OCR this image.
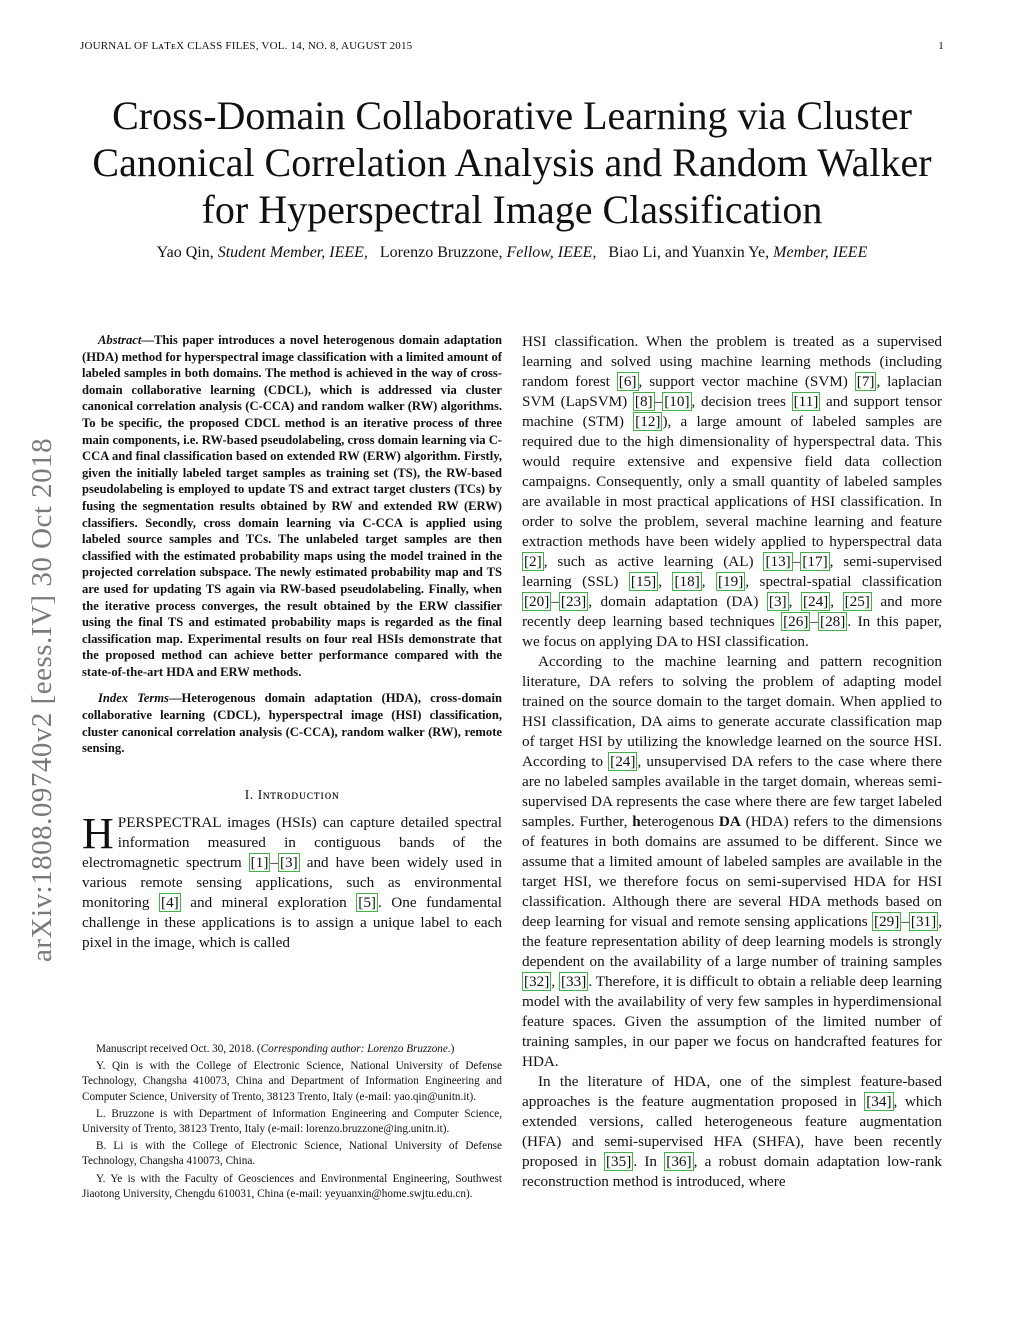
JOURNAL OF LᴀTᴇX CLASS FILES, VOL. 14, NO. 8, AUGUST 2015	1
arXiv:1808.09740v2 [eess.IV] 30 Oct 2018
Cross-Domain Collaborative Learning via Cluster
Canonical Correlation Analysis and Random Walker
for Hyperspectral Image Classification
Yao Qin, Student Member, IEEE, Lorenzo Bruzzone, Fellow, IEEE, Biao Li, and Yuanxin Ye, Member, IEEE

Abstract—This paper introduces a novel heterogenous domain adaptation (HDA) method for hyperspectral image classification with a limited amount of labeled samples in both domains. The method is achieved in the way of cross-domain collaborative learning (CDCL), which is addressed via cluster canonical correlation analysis (C-CCA) and random walker (RW) algorithms. To be specific, the proposed CDCL method is an iterative process of three main components, i.e. RW-based pseudolabeling, cross domain learning via C-CCA and final classification based on extended RW (ERW) algorithm. Firstly, given the initially labeled target samples as training set (TS), the RW-based pseudolabeling is employed to update TS and extract target clusters (TCs) by fusing the segmentation results obtained by RW and extended RW (ERW) classifiers. Secondly, cross domain learning via C-CCA is applied using labeled source samples and TCs. The unlabeled target samples are then classified with the estimated probability maps using the model trained in the projected correlation subspace. The newly estimated probability map and TS are used for updating TS again via RW-based pseudolabeling. Finally, when the iterative process converges, the result obtained by the ERW classifier using the final TS and estimated probability maps is regarded as the final classification map. Experimental results on four real HSIs demonstrate that the proposed method can achieve better performance compared with the state-of-the-art HDA and ERW methods.

Index Terms—Heterogenous domain adaptation (HDA), cross-domain collaborative learning (CDCL), hyperspectral image (HSI) classification, cluster canonical correlation analysis (C-CCA), random walker (RW), remote sensing.

I. Iɴᴛʀᴏᴅᴜᴄᴛɪᴏɴ

HPERSPECTRAL images (HSIs) can capture detailed spectral information measured in contiguous bands of the electromagnetic spectrum [1] – [3] and have been widely used in various remote sensing applications, such as environmental monitoring [4] and mineral exploration [5] . One fundamental challenge in these applications is to assign a unique label to each pixel in the image, which is called

Manuscript received Oct. 30, 2018. (Corresponding author: Lorenzo Bruzzone.)

Y. Qin is with the College of Electronic Science, National University of Defense Technology, Changsha 410073, China and Department of Information Engineering and Computer Science, University of Trento, 38123 Trento, Italy (e-mail: yao.qin@unitn.it).

L. Bruzzone is with Department of Information Engineering and Computer Science, University of Trento, 38123 Trento, Italy (e-mail: lorenzo.bruzzone@ing.unitn.it).

B. Li is with the College of Electronic Science, National University of Defense Technology, Changsha 410073, China.

Y. Ye is with the Faculty of Geosciences and Environmental Engineering, Southwest Jiaotong University, Chengdu 610031, China (e-mail: yeyuanxin@home.swjtu.edu.cn).

HSI classification. When the problem is treated as a supervised learning and solved using machine learning methods (including random forest [6] , support vector machine (SVM) [7] , laplacian SVM (LapSVM) [8] – [10] , decision trees [11] and support tensor machine (STM) [12] ), a large amount of labeled samples are required due to the high dimensionality of hyperspectral data. This would require extensive and expensive field data collection campaigns. Consequently, only a small quantity of labeled samples are available in most practical applications of HSI classification. In order to solve the problem, several machine learning and feature extraction methods have been widely applied to hyperspectral data [2] , such as active learning (AL) [13] – [17] , semi-supervised learning (SSL) [15] , [18] , [19] , spectral-spatial classification [20] – [23] , domain adaptation (DA) [3] , [24] , [25] and more recently deep learning based techniques [26] – [28] . In this paper, we focus on applying DA to HSI classification.

According to the machine learning and pattern recognition literature, DA refers to solving the problem of adapting model trained on the source domain to the target domain. When applied to HSI classification, DA aims to generate accurate classification map of target HSI by utilizing the knowledge learned on the source HSI. According to [24] , unsupervised DA refers to the case where there are no labeled samples available in the target domain, whereas semi-supervised DA represents the case where there are few target labeled samples. Further, heterogenous DA (HDA) refers to the dimensions of features in both domains are assumed to be different. Since we assume that a limited amount of labeled samples are available in the target HSI, we therefore focus on semi-supervised HDA for HSI classification. Although there are several HDA methods based on deep learning for visual and remote sensing applications [29] – [31] , the feature representation ability of deep learning models is strongly dependent on the availability of a large number of training samples [32] , [33] . Therefore, it is difficult to obtain a reliable deep learning model with the availability of very few samples in hyperdimensional feature spaces. Given the assumption of the limited number of training samples, in our paper we focus on handcrafted features for HDA.

In the literature of HDA, one of the simplest feature-based approaches is the feature augmentation proposed in [34] , which extended versions, called heterogeneous feature augmentation (HFA) and semi-supervised HFA (SHFA), have been recently proposed in [35] . In [36] , a robust domain adaptation low-rank reconstruction method is introduced, where
